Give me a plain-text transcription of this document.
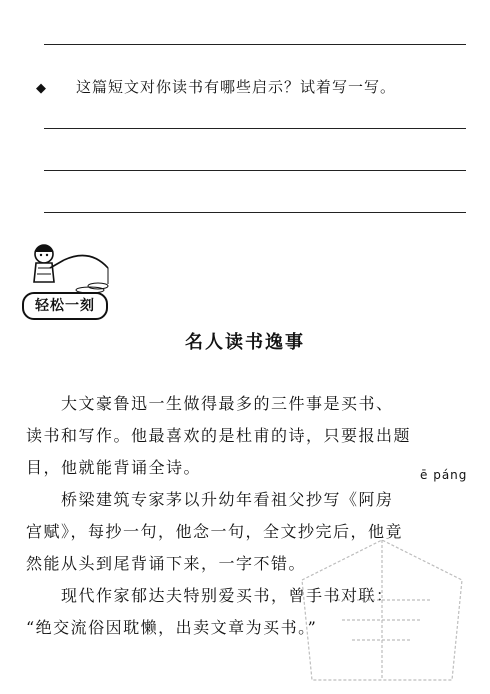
◆ 这篇短文对你读书有哪些启示？试着写一写。
轻松一刻
名人读书逸事
　　大文豪鲁迅一生做得最多的三件事是买书、
读书和写作。他最喜欢的是杜甫的诗，只要报出题
目，他就能背诵全诗。	ē páng
　　桥梁建筑专家茅以升幼年看祖父抄写《阿房
宫赋》，每抄一句，他念一句，全文抄完后，他竟
然能从头到尾背诵下来，一字不错。
　　现代作家郁达夫特别爱买书，曾手书对联：
“绝交流俗因耽懒，出卖文章为买书。”
